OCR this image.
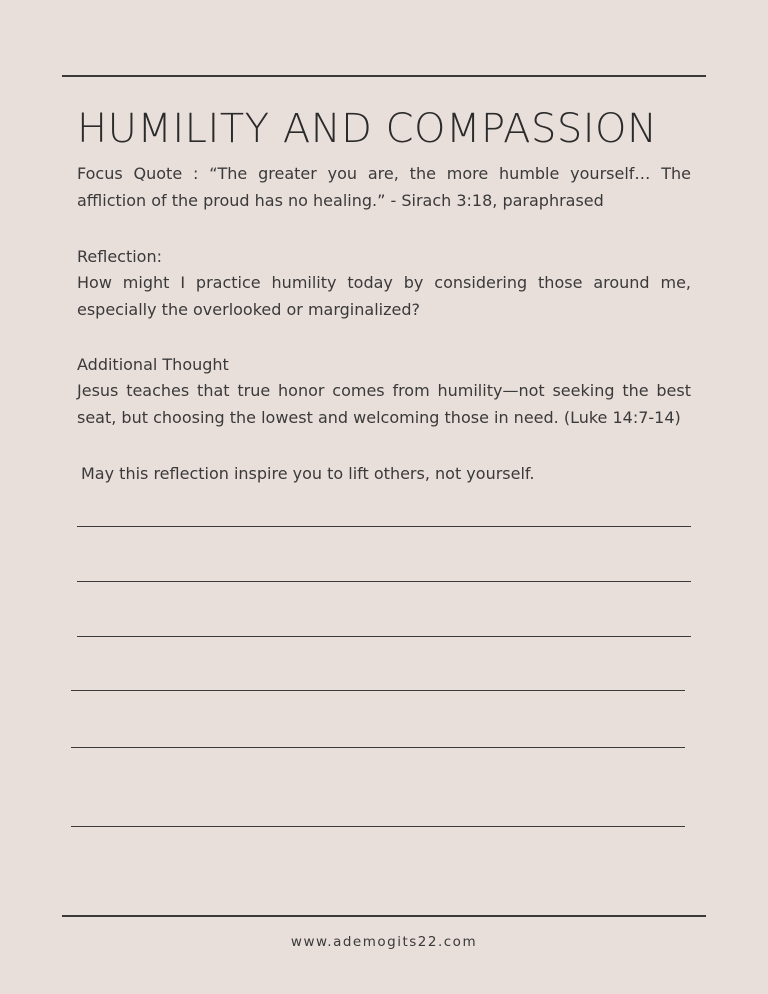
HUMILITY AND COMPASSION

Focus Quote : “The greater you are, the more humble yourself… The affliction of the proud has no healing.” - Sirach 3:18, paraphrased

Reflection:

How might I practice humility today by considering those around me, especially the overlooked or marginalized?

Additional Thought

Jesus teaches that true honor comes from humility—not seeking the best seat, but choosing the lowest and welcoming those in need. (Luke 14:7-14)

May this reflection inspire you to lift others, not yourself.

www.ademogits22.com
